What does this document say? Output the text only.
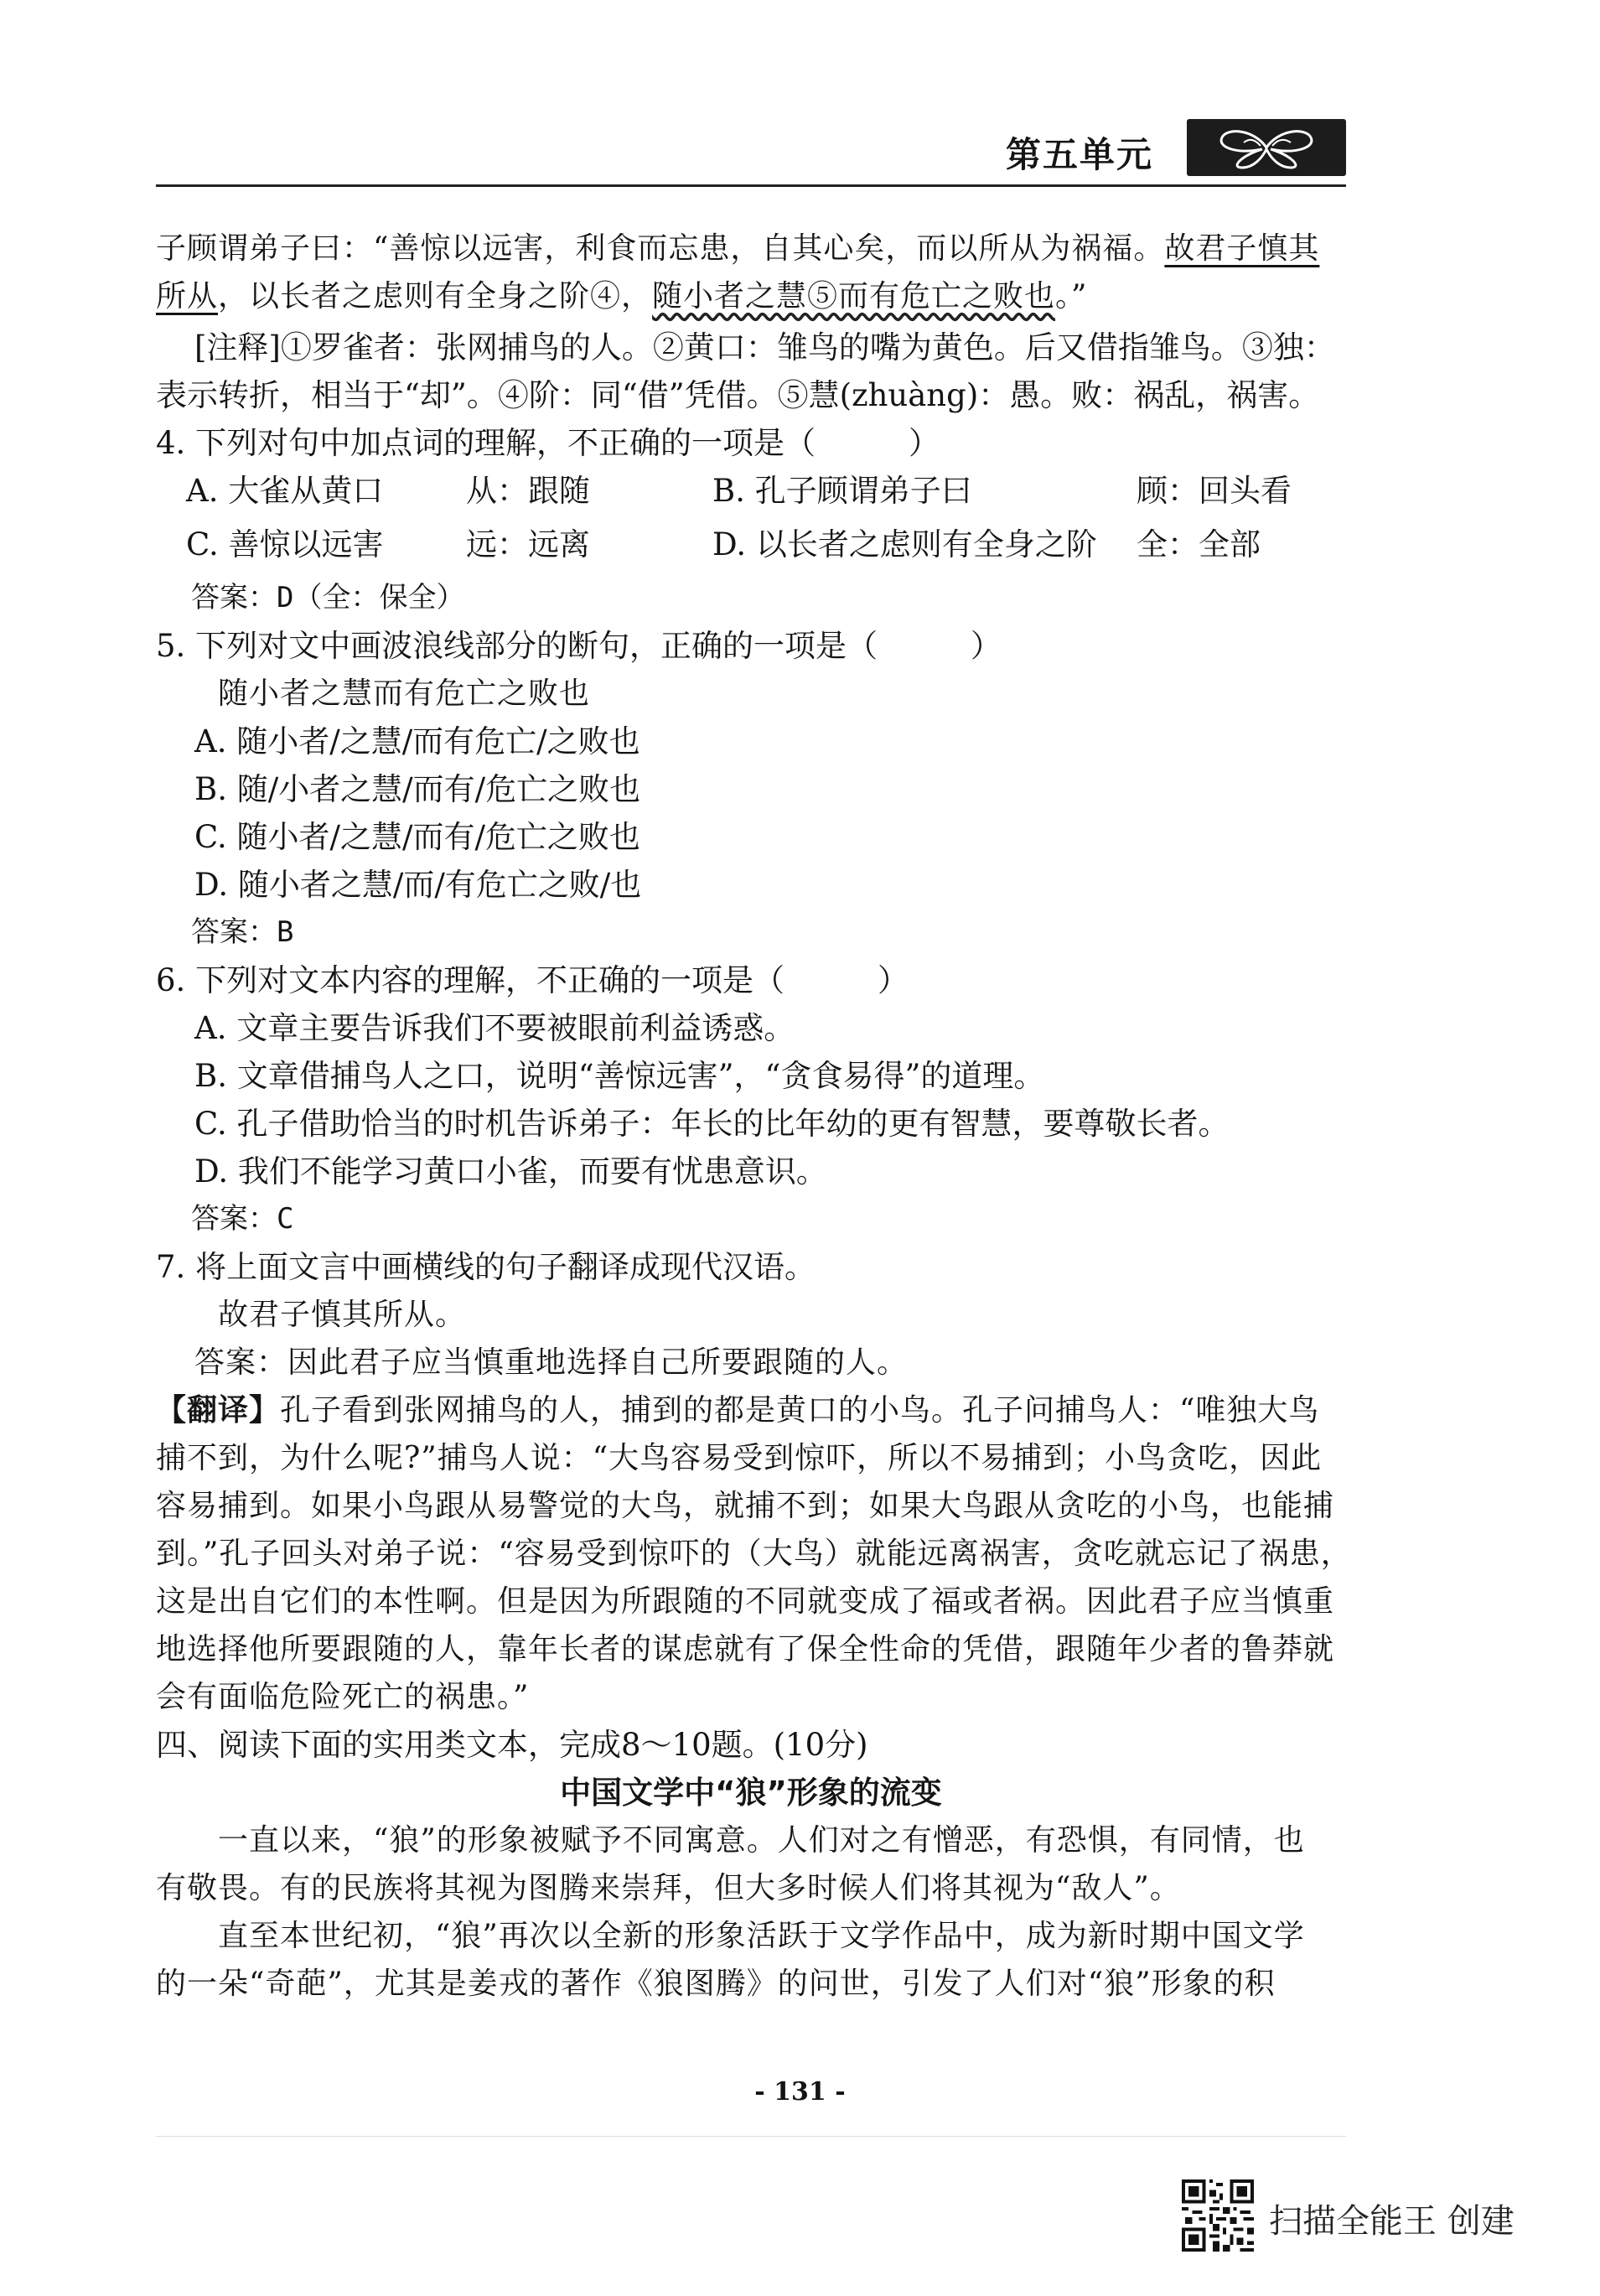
第五单元

子顾谓弟子曰：“善惊以远害，利食而忘患，自其心矣，而以所从为祸福。故君子慎其

所从，以长者之虑则有全身之阶④，随小者之慧⑤而有危亡之败也。”

[注释]①罗雀者：张网捕鸟的人。②黄口：雏鸟的嘴为黄色。后又借指雏鸟。③独：

表示转折，相当于“却”。④阶：同“借”凭借。⑤慧(zhuàng)：愚。败：祸乱，祸害。

4. 下列对句中加点词的理解，不正确的一项是（　　　）

A. 大雀从黄口	从：跟随	B. 孔子顾谓弟子曰	顾：回头看
C. 善惊以远害	远：远离	D. 以长者之虑则有全身之阶 全：全部

答案：D（全：保全）

5. 下列对文中画波浪线部分的断句，正确的一项是（　　　）

随小者之慧而有危亡之败也

A. 随小者/之慧/而有危亡/之败也

B. 随/小者之慧/而有/危亡之败也

C. 随小者/之慧/而有/危亡之败也

D. 随小者之慧/而/有危亡之败/也

答案：B

6. 下列对文本内容的理解，不正确的一项是（　　　）

A. 文章主要告诉我们不要被眼前利益诱惑。

B. 文章借捕鸟人之口，说明“善惊远害”，“贪食易得”的道理。

C. 孔子借助恰当的时机告诉弟子：年长的比年幼的更有智慧，要尊敬长者。

D. 我们不能学习黄口小雀，而要有忧患意识。

答案：C

7. 将上面文言中画横线的句子翻译成现代汉语。

故君子慎其所从。

答案：因此君子应当慎重地选择自己所要跟随的人。

【翻译】孔子看到张网捕鸟的人，捕到的都是黄口的小鸟。孔子问捕鸟人：“唯独大鸟

捕不到，为什么呢?”捕鸟人说：“大鸟容易受到惊吓，所以不易捕到；小鸟贪吃，因此

容易捕到。如果小鸟跟从易警觉的大鸟，就捕不到；如果大鸟跟从贪吃的小鸟，也能捕

到。”孔子回头对弟子说：“容易受到惊吓的（大鸟）就能远离祸害，贪吃就忘记了祸患，

这是出自它们的本性啊。但是因为所跟随的不同就变成了福或者祸。因此君子应当慎重

地选择他所要跟随的人，靠年长者的谋虑就有了保全性命的凭借，跟随年少者的鲁莽就

会有面临危险死亡的祸患。”

四、阅读下面的实用类文本，完成8～10题。(10分)

中国文学中“狼”形象的流变

一直以来，“狼”的形象被赋予不同寓意。人们对之有憎恶，有恐惧，有同情，也

有敬畏。有的民族将其视为图腾来崇拜，但大多时候人们将其视为“敌人”。

直至本世纪初，“狼”再次以全新的形象活跃于文学作品中，成为新时期中国文学

的一朵“奇葩”，尤其是姜戎的著作《狼图腾》的问世，引发了人们对“狼”形象的积

- 131 -
扫描全能王 创建
